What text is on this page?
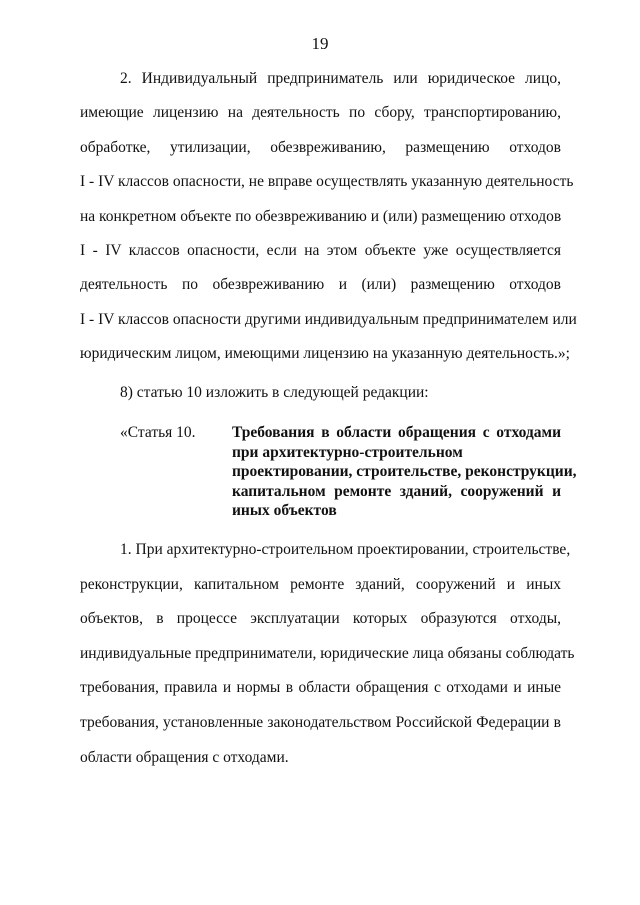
19
2. Индивидуальный предприниматель или юридическое лицо,
имеющие лицензию на деятельность по сбору, транспортированию,
обработке, утилизации, обезвреживанию, размещению отходов
I - IV классов опасности, не вправе осуществлять указанную деятельность
на конкретном объекте по обезвреживанию и (или) размещению отходов
I - IV классов опасности, если на этом объекте уже осуществляется
деятельность по обезвреживанию и (или) размещению отходов
I - IV классов опасности другими индивидуальным предпринимателем или
юридическим лицом, имеющими лицензию на указанную деятельность.»;
8) статью 10 изложить в следующей редакции:
«Статья 10. Требования в области обращения с отходами
при архитектурно-строительном
проектировании, строительстве, реконструкции,
капитальном ремонте зданий, сооружений и
иных объектов
1. При архитектурно-строительном проектировании, строительстве,
реконструкции, капитальном ремонте зданий, сооружений и иных
объектов, в процессе эксплуатации которых образуются отходы,
индивидуальные предприниматели, юридические лица обязаны соблюдать
требования, правила и нормы в области обращения с отходами и иные
требования, установленные законодательством Российской Федерации в
области обращения с отходами.
